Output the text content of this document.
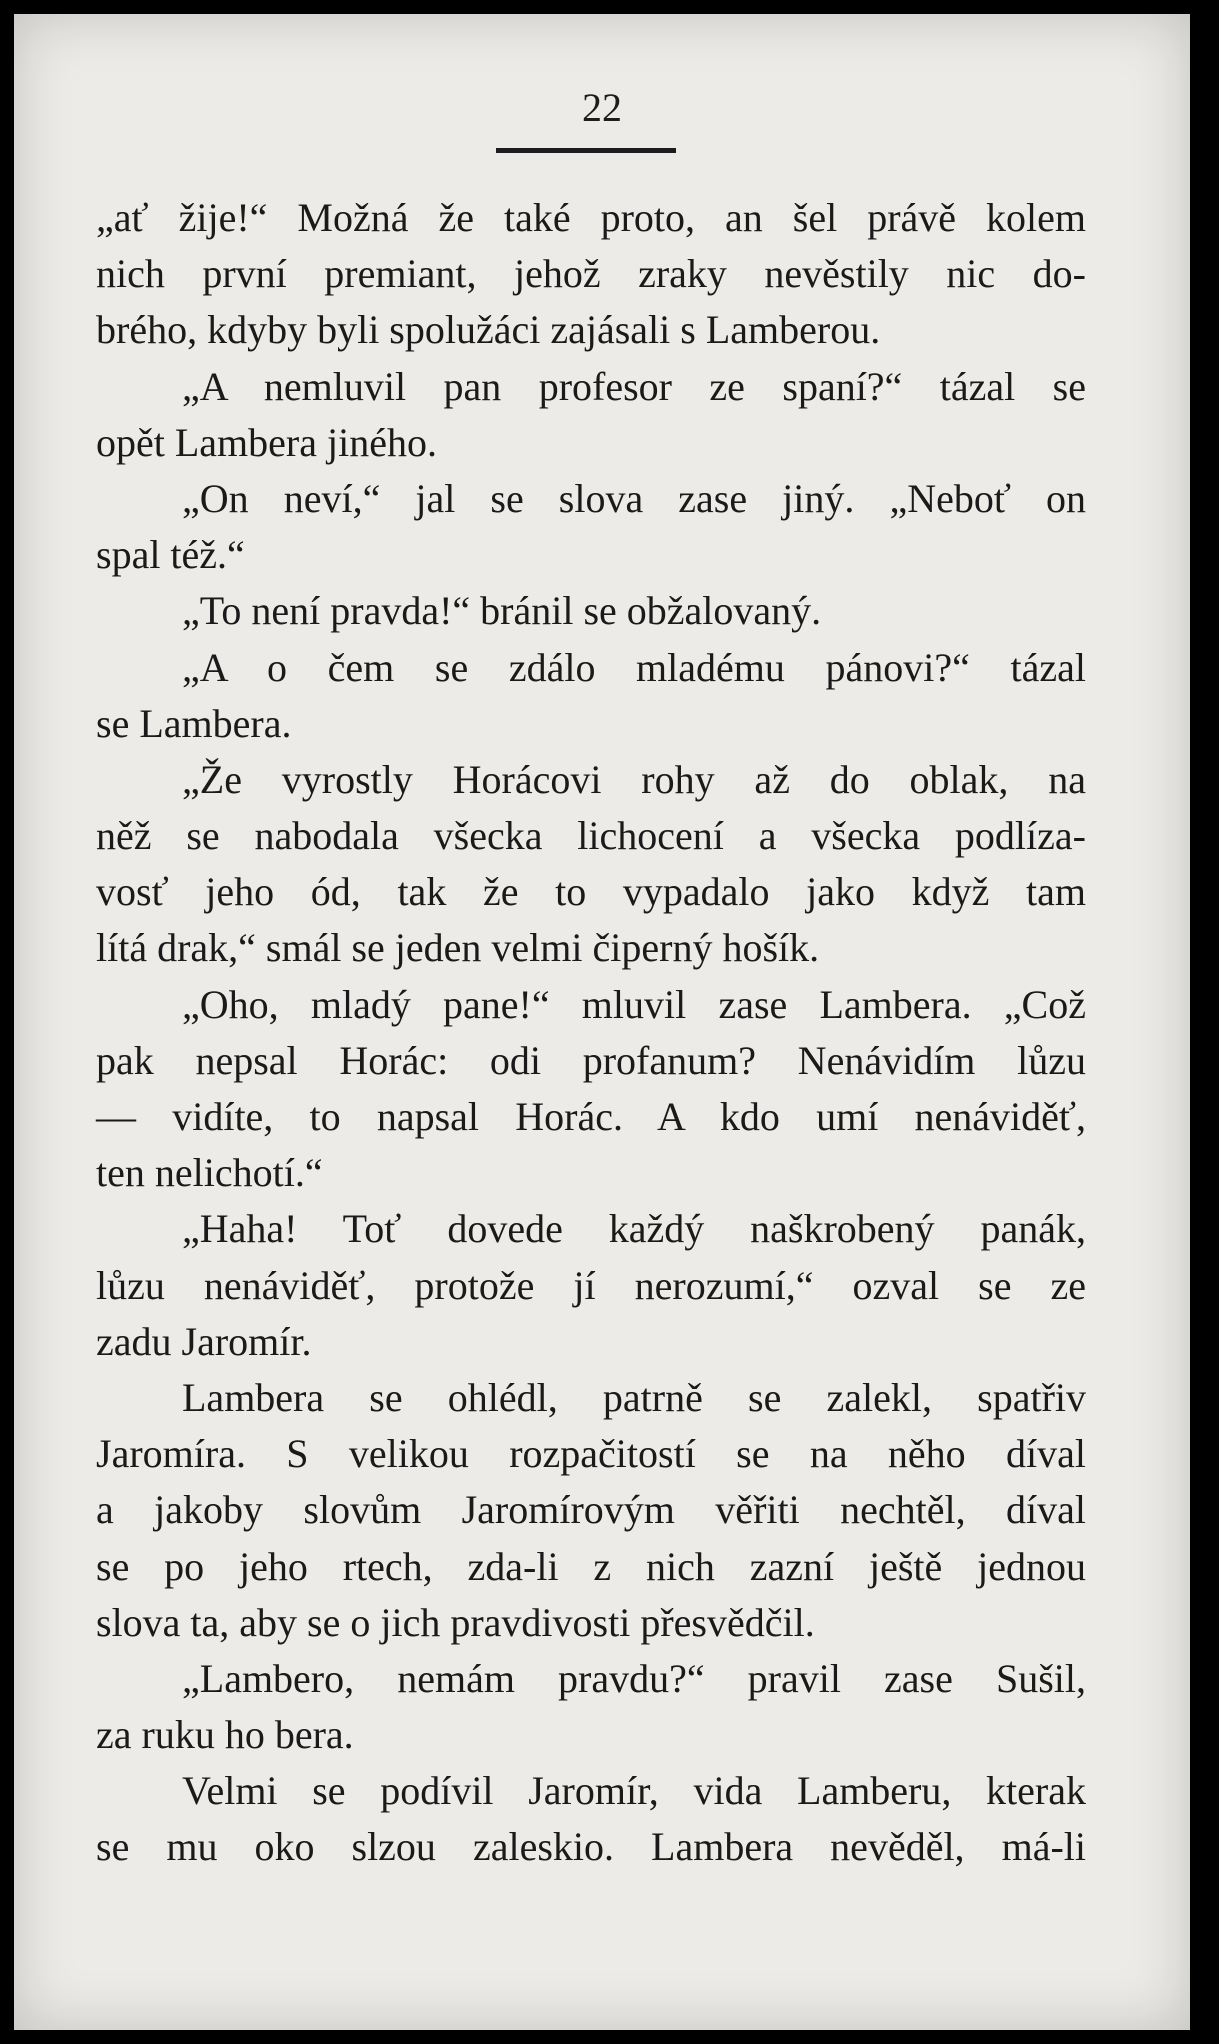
22
„ať žije!“ Možná že také proto, an šel právě kolem
nich první premiant, jehož zraky nevěstily nic do-
brého, kdyby byli spolužáci zajásali s Lamberou.
„A nemluvil pan profesor ze spaní?“ tázal se
opět Lambera jiného.
„On neví,“ jal se slova zase jiný. „Neboť on
spal též.“
„To není pravda!“ bránil se obžalovaný.
„A o čem se zdálo mladému pánovi?“ tázal
se Lambera.
„Že vyrostly Horácovi rohy až do oblak, na
něž se nabodala všecka lichocení a všecka podlíza-
vosť jeho ód, tak že to vypadalo jako když tam
lítá drak,“ smál se jeden velmi čiperný hošík.
„Oho, mladý pane!“ mluvil zase Lambera. „Což
pak nepsal Horác: odi profanum? Nenávidím lůzu
— vidíte, to napsal Horác. A kdo umí nenáviděť,
ten nelichotí.“
„Haha! Toť dovede každý naškrobený panák,
lůzu nenáviděť, protože jí nerozumí,“ ozval se ze
zadu Jaromír.
Lambera se ohlédl, patrně se zalekl, spatřiv
Jaromíra. S velikou rozpačitostí se na něho díval
a jakoby slovům Jaromírovým věřiti nechtěl, díval
se po jeho rtech, zda-li z nich zazní ještě jednou
slova ta, aby se o jich pravdivosti přesvědčil.
„Lambero, nemám pravdu?“ pravil zase Sušil,
za ruku ho bera.
Velmi se podívil Jaromír, vida Lamberu, kterak
se mu oko slzou zaleskio. Lambera nevěděl, má-li
